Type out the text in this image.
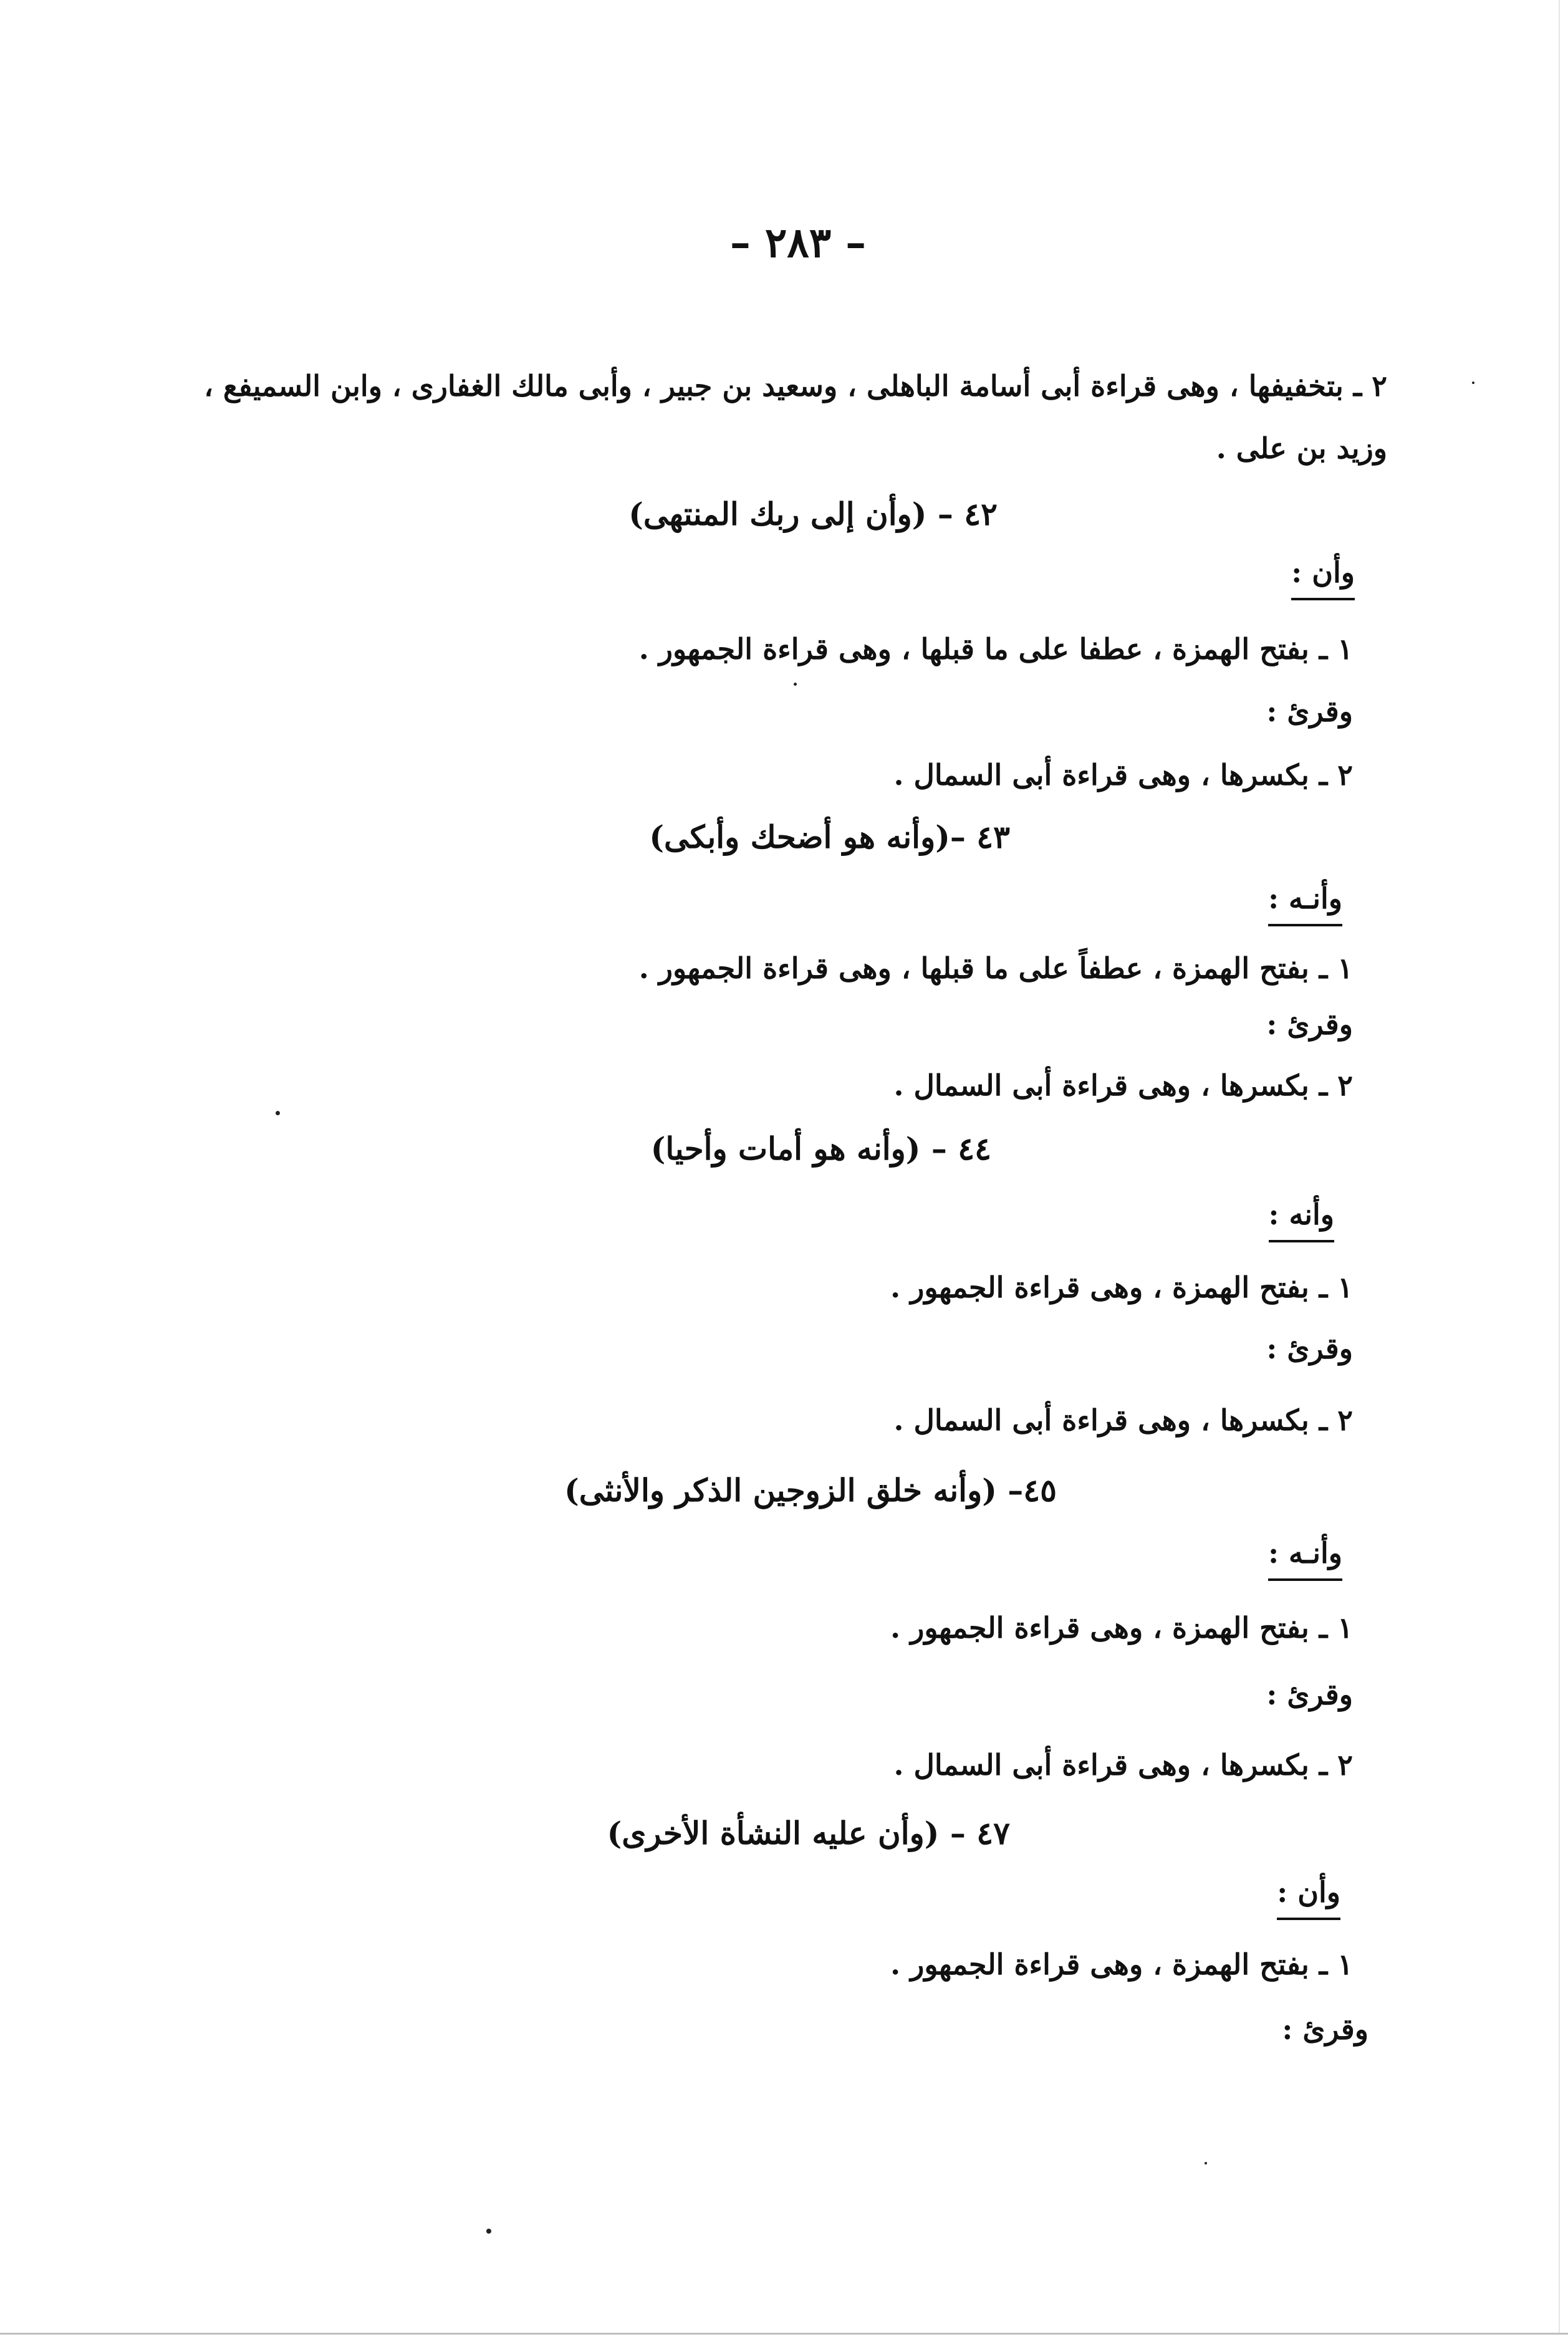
– ٢٨٣ –
٢ ـ بتخفيفها ، وهى قراءة أبى أسامة الباهلى ، وسعيد بن جبير ، وأبى مالك الغفارى ، وابن السميفع ،
وزيد بن على .
٤٢ – (وأن إلى ربك المنتهى)
وأن :
١ ـ بفتح الهمزة ، عطفا على ما قبلها ، وهى قراءة الجمهور .
وقرئ :
٢ ـ بكسرها ، وهى قراءة أبى السمال .
٤٣ –(وأنه هو أضحك وأبكى)
وأنـه :
١ ـ بفتح الهمزة ، عطفاً على ما قبلها ، وهى قراءة الجمهور .
وقرئ :
٢ ـ بكسرها ، وهى قراءة أبى السمال .
٤٤ – (وأنه هو أمات وأحيا)
وأنه :
١ ـ بفتح الهمزة ، وهى قراءة الجمهور .
وقرئ :
٢ ـ بكسرها ، وهى قراءة أبى السمال .
٤٥– (وأنه خلق الزوجين الذكر والأنثى)
وأنـه :
١ ـ بفتح الهمزة ، وهى قراءة الجمهور .
وقرئ :
٢ ـ بكسرها ، وهى قراءة أبى السمال .
٤٧ – (وأن عليه النشأة الأخرى)
وأن :
١ ـ بفتح الهمزة ، وهى قراءة الجمهور .
وقرئ :
